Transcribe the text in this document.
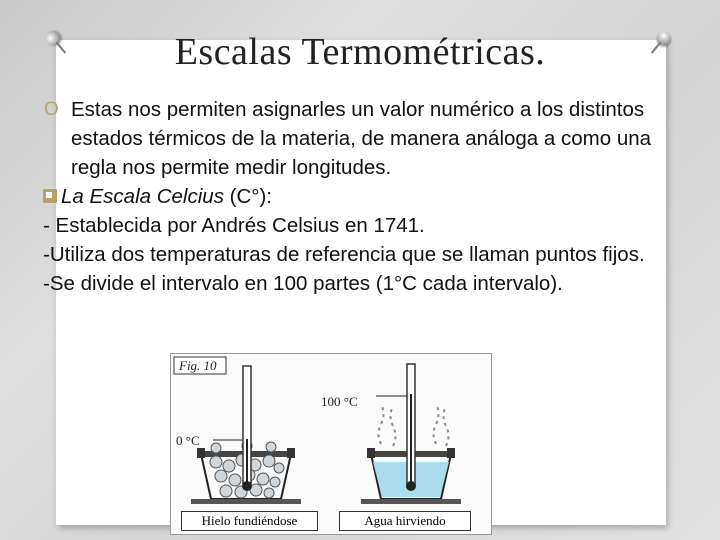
Escalas Termométricas.
O Estas nos permiten asignarles un valor numérico a los distintos estados térmicos de la materia, de manera análoga a como una regla nos permite medir longitudes.
La Escala Celcius (C°):
- Establecida por Andrés Celsius en 1741.
-Utiliza dos temperaturas de referencia que se llaman puntos fijos.
-Se divide el intervalo en 100 partes (1°C cada intervalo).
Fig. 10
0 °C
100 °C
Hielo fundiéndose	Agua hirviendo
